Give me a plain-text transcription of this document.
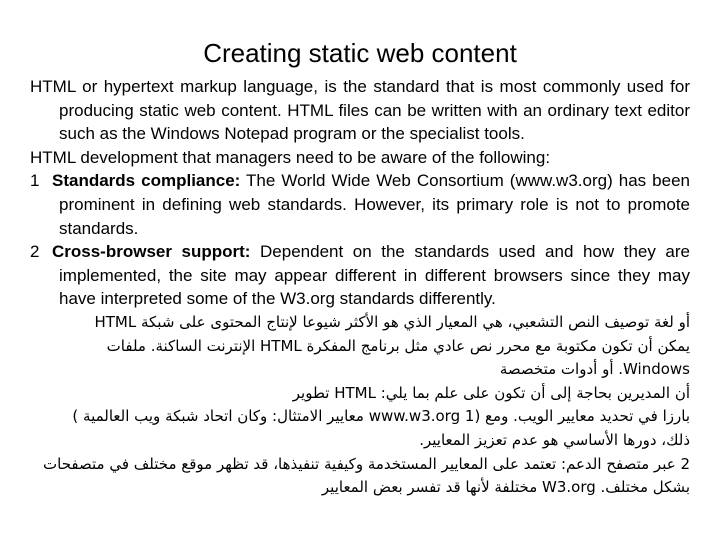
Creating static web content

HTML or hypertext markup language, is the standard that is most commonly used for producing static web content. HTML files can be written with an ordinary text editor such as the Windows Notepad program or the specialist tools.

HTML development that managers need to be aware of the following:

1 Standards compliance: The World Wide Web Consortium (www.w3.org) has been prominent in defining web standards. However, its primary role is not to promote standards.

2 Cross-browser support: Dependent on the standards used and how they are implemented, the site may appear different in different browsers since they may have interpreted some of the W3.org standards differently.

أو لغة توصيف النص التشعبي، هي المعيار الذي هو الأكثر شيوعا لإنتاج المحتوى على شبكة HTML
يمكن أن تكون مكتوبة مع محرر نص عادي مثل برنامج المفكرة HTML الإنترنت الساكنة. ملفات
Windows. أو أدوات متخصصة
أن المديرين بحاجة إلى أن تكون على علم بما يلي: HTML تطوير
بارزا في تحديد معايير الويب. ومع (www.w3.org 1 معايير الامتثال: وكان اتحاد شبكة ويب العالمية )
ذلك، دورها الأساسي هو عدم تعزيز المعايير.
2 عبر متصفح الدعم: تعتمد على المعايير المستخدمة وكيفية تنفيذها، قد تظهر موقع مختلف في متصفحات
بشكل مختلف. W3.org مختلفة لأنها قد تفسر بعض المعايير
